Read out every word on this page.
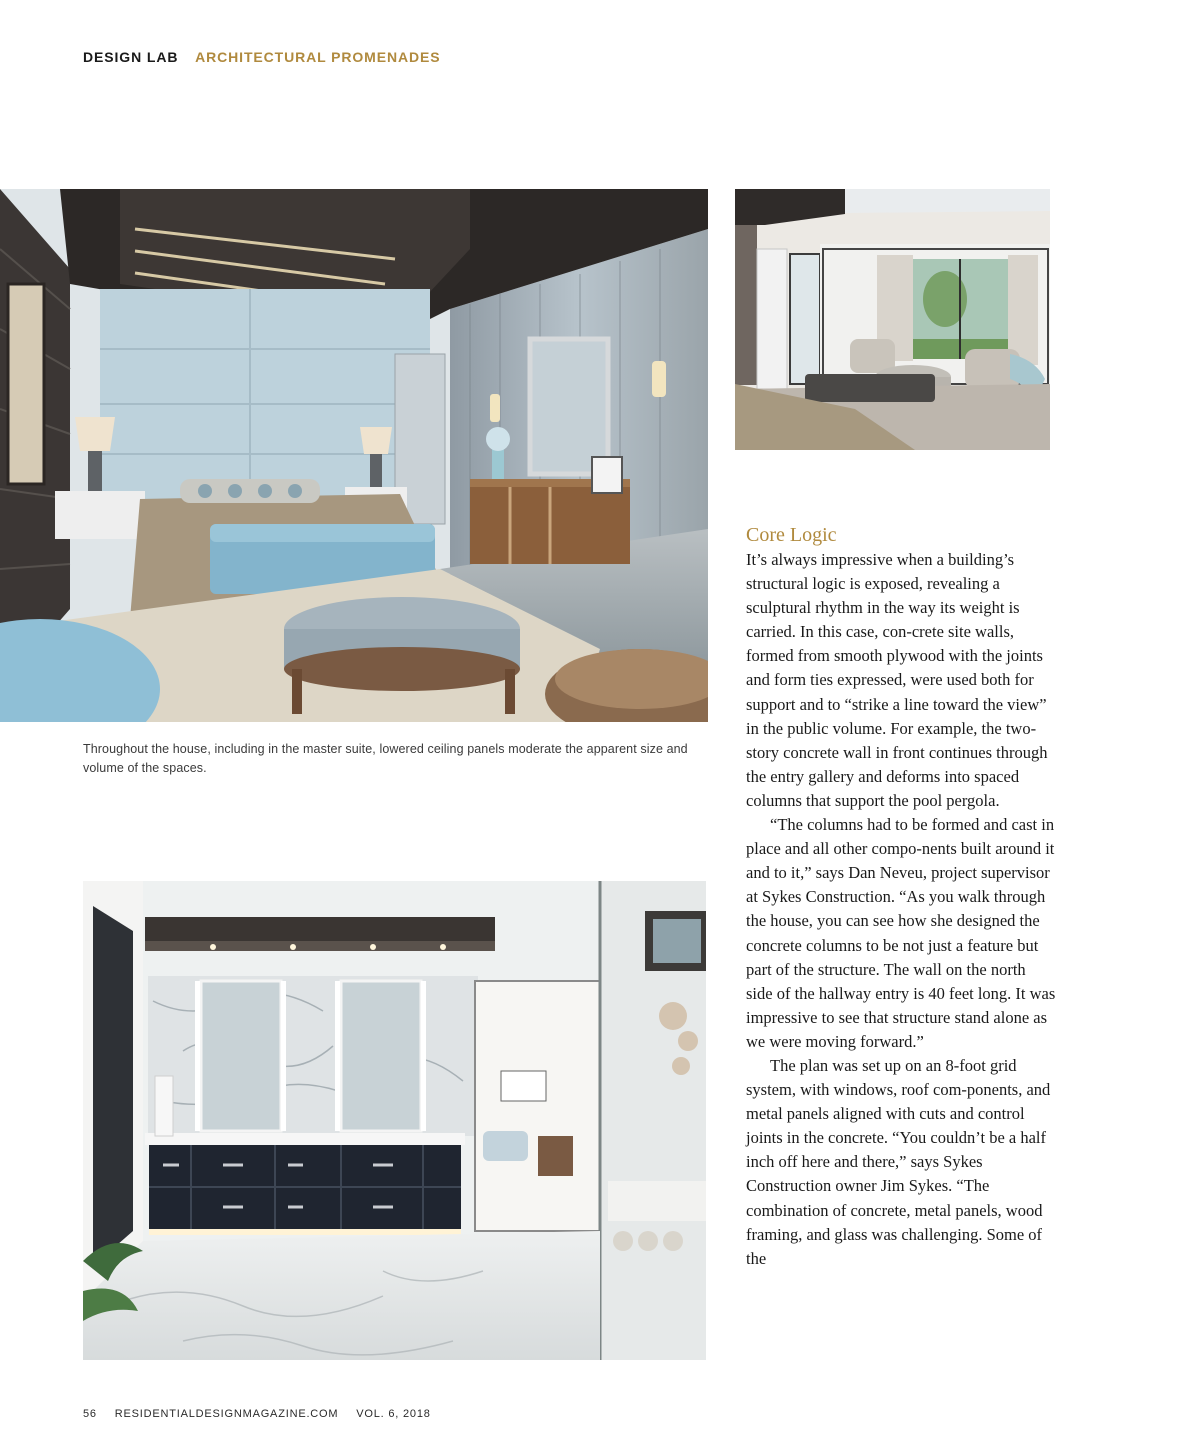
DESIGN LAB ARCHITECTURAL PROMENADES
Throughout the house, including in the master suite, lowered ceiling panels moderate the apparent size and volume of the spaces.
Core Logic

It’s always impressive when a building’s structural logic is exposed, revealing a sculptural rhythm in the way its weight is carried. In this case, con-crete site walls, formed from smooth plywood with the joints and form ties expressed, were used both for support and to “strike a line toward the view” in the public volume. For example, the two-story concrete wall in front continues through the entry gallery and deforms into spaced columns that support the pool pergola.

“The columns had to be formed and cast in place and all other compo-nents built around it and to it,” says Dan Neveu, project supervisor at Sykes Construction. “As you walk through the house, you can see how she designed the concrete columns to be not just a feature but part of the structure. The wall on the north side of the hallway entry is 40 feet long. It was impressive to see that structure stand alone as we were moving forward.”

The plan was set up on an 8-foot grid system, with windows, roof com-ponents, and metal panels aligned with cuts and control joints in the concrete. “You couldn’t be a half inch off here and there,” says Sykes Construction owner Jim Sykes. “The combination of concrete, metal panels, wood framing, and glass was challenging. Some of the

56 RESIDENTIALDESIGNMAGAZINE.COM VOL. 6, 2018
